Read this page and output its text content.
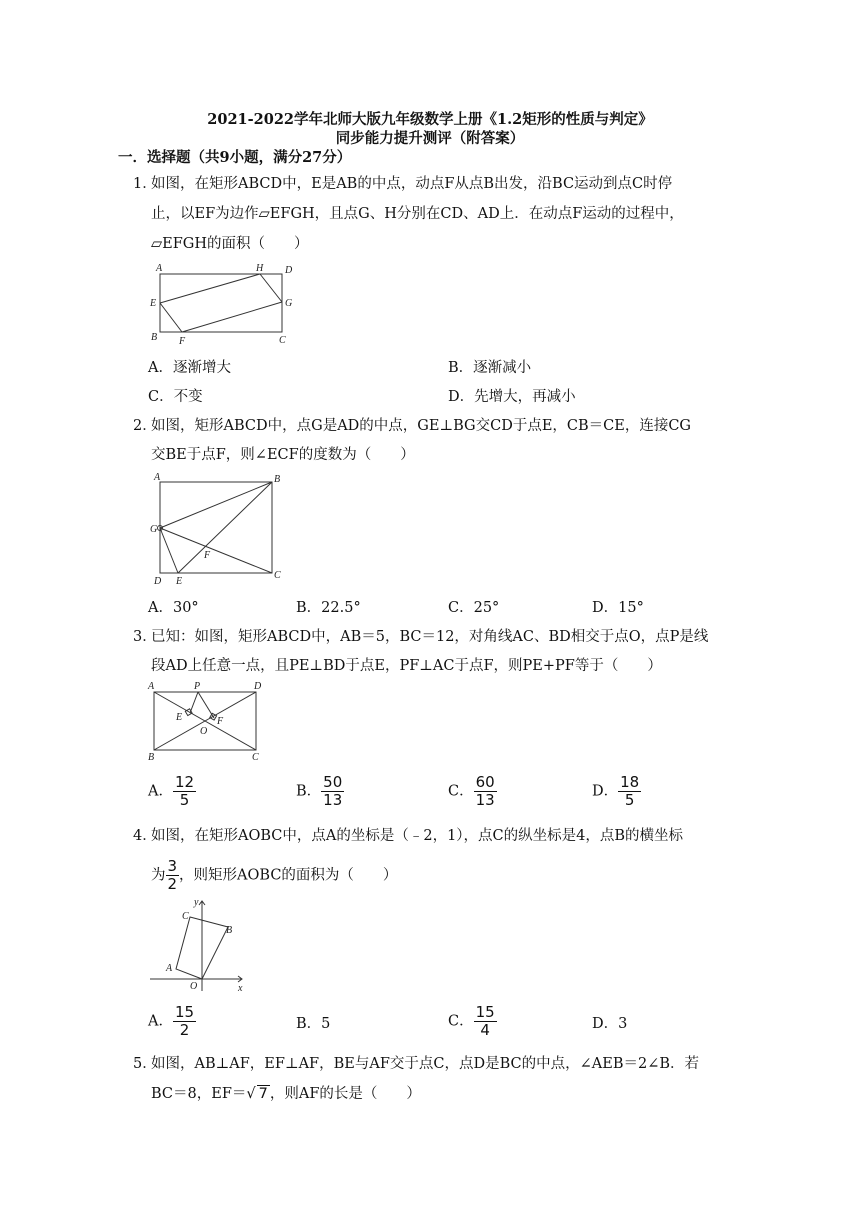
2021-2022学年北师大版九年级数学上册《1.2矩形的性质与判定》
同步能力提升测评（附答案）
一．选择题（共9小题，满分27分）
1．
如图，在矩形ABCD中，E是AB的中点，动点F从点B出发，沿BC运动到点C时停
止，以EF为边作▱EFGH，且点G、H分别在CD、AD上．在动点F运动的过程中，
▱EFGH的面积（　　）
A	H D
E	G
B F	C
A．逐渐增大	B．逐渐减小
C．不变	D．先增大，再减小
2．
如图，矩形ABCD中，点G是AD的中点，GE⊥BG交CD于点E，CB＝CE，连接CG
交BE于点F，则∠ECF的度数为（　　）
A	B
G
F
D E
C
A．30°	B．22.5°	C．25°	D．15°
3．
已知：如图，矩形ABCD中，AB＝5，BC＝12，对角线AC、BD相交于点O，点P是线
段AD上任意一点，且PE⊥BD于点E，PF⊥AC于点F，则PE+PF等于（　　）
A	P	D
E	F
O
B	C
A． $\frac{12}{5}$	B． $\frac{50}{13}$	C． $\frac{60}{13}$	D． $\frac{18}{5}$
4．
如图，在矩形AOBC中，点A的坐标是（﹣2，1），点C的纵坐标是4，点B的横坐标
为 $\frac{3}{2}$ ，则矩形AOBC的面积为（　　）
y
C
B
A
O	x
A． $\frac{15}{2}$	B．5	C． $\frac{15}{4}$	D．3
5．
如图，AB⊥AF，EF⊥AF，BE与AF交于点C，点D是BC的中点，∠AEB＝2∠B．若
BC＝8，EF＝√ 7 ，则AF的长是（　　）
